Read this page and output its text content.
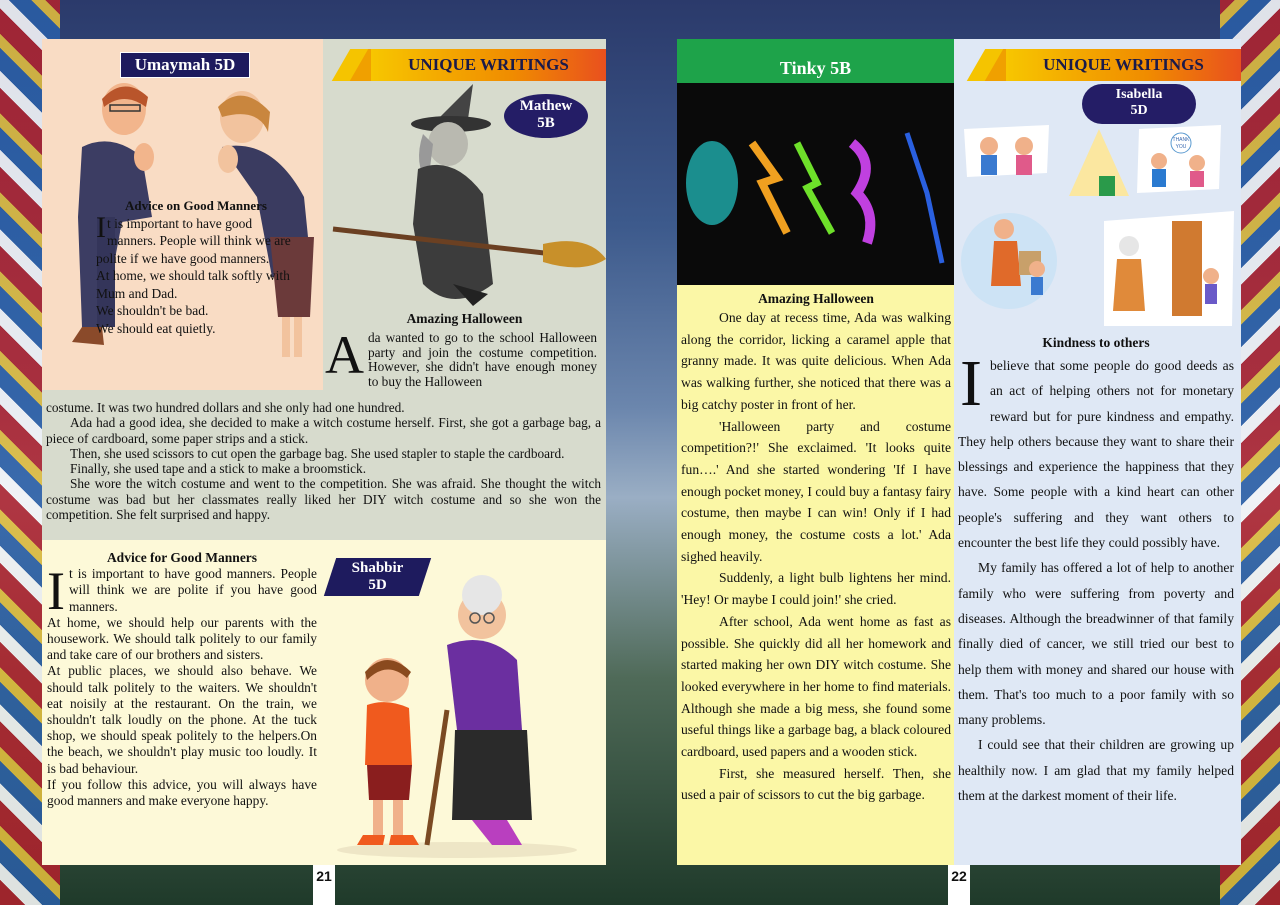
Umaymah 5D
Advice on Good Manners
I t is important to have good manners. People will think we are polite if we have good manners.
At home, we should talk softly with Mum and Dad.
We shouldn't be bad.
We should eat quietly.
UNIQUE WRITINGS
Mathew
5B
Amazing Halloween
A da wanted to go to the school Halloween party and join the costume competition. However, she didn't have enough money to buy the Halloween

costume. It was two hundred dollars and she only had one hundred.

Ada had a good idea, she decided to make a witch costume herself. First, she got a garbage bag, a piece of cardboard, some paper strips and a stick.

Then, she used scissors to cut open the garbage bag. She used stapler to staple the cardboard.

Finally, she used tape and a stick to make a broomstick.

She wore the witch costume and went to the competition. She was afraid. She thought the witch costume was bad but her classmates really liked her DIY witch costume and so she won the competition. She felt surprised and happy.

Advice for Good Manners
I t is important to have good manners. People will think we are polite if you have good manners.

At home, we should help our parents with the housework. We should talk politely to our family and take care of our brothers and sisters.

At public places, we should also behave. We should talk politely to the waiters. We shouldn't eat noisily at the restaurant. On the train, we shouldn't talk loudly on the phone. At the tuck shop, we should speak politely to the helpers.On the beach, we shouldn't play music too loudly. It is bad behaviour.

If you follow this advice, you will always have good manners and make everyone happy.

Shabbir
5D
Tinky 5B
Amazing Halloween

One day at recess time, Ada was walking along the corridor, licking a caramel apple that granny made. It was quite delicious. When Ada was walking further, she noticed that there was a big catchy poster in front of her.

'Halloween party and costume competition?!' She exclaimed. 'It looks quite fun….' And she started wondering 'If I have enough pocket money, I could buy a fantasy fairy costume, then maybe I can win! Only if I had enough money, the costume costs a lot.' Ada sighed heavily.

Suddenly, a light bulb lightens her mind. 'Hey! Or maybe I could join!' she cried.

After school, Ada went home as fast as possible. She quickly did all her homework and started making her own DIY witch costume. She looked everywhere in her home to find materials. Although she made a big mess, she found some useful things like a garbage bag, a black coloured cardboard, used papers and a wooden stick.

First, she measured herself. Then, she used a pair of scissors to cut the big garbage.

UNIQUE WRITINGS
Isabella
5D
THANK
YOU
Kindness to others
I believe that some people do good deeds as an act of helping others not for monetary reward but for pure kindness and empathy. They help others because they want to share their blessings and experience the happiness that they have. Some people with a kind heart can other people's suffering and they want others to encounter the best life they could possibly have.

My family has offered a lot of help to another family who were suffering from poverty and diseases. Although the breadwinner of that family finally died of cancer, we still tried our best to help them with money and shared our house with them. That's too much to a poor family with so many problems.

I could see that their children are growing up healthily now. I am glad that my family helped them at the darkest moment of their life.

21	22
